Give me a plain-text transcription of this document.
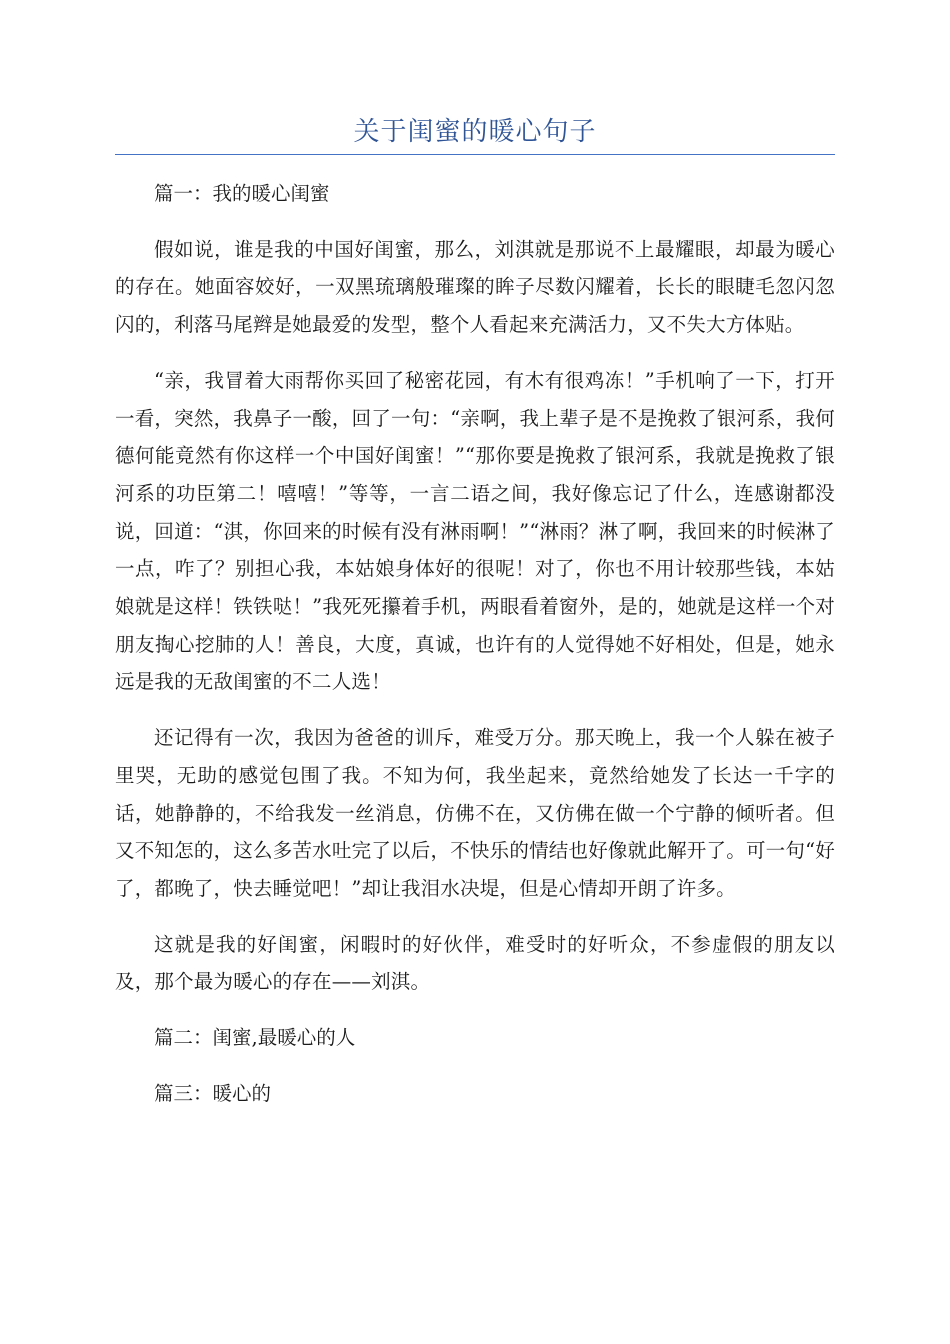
关于闺蜜的暖心句子

篇一：我的暖心闺蜜

假如说，谁是我的中国好闺蜜，那么，刘淇就是那说不上最耀眼，却最为暖心的存在。她面容姣好，一双黑琉璃般璀璨的眸子尽数闪耀着，长长的眼睫毛忽闪忽闪的，利落马尾辫是她最爱的发型，整个人看起来充满活力，又不失大方体贴。

“亲，我冒着大雨帮你买回了秘密花园，有木有很鸡冻！”手机响了一下，打开一看，突然，我鼻子一酸，回了一句：“亲啊，我上辈子是不是挽救了银河系，我何德何能竟然有你这样一个中国好闺蜜！”“那你要是挽救了银河系，我就是挽救了银河系的功臣第二！嘻嘻！”等等，一言二语之间，我好像忘记了什么，连感谢都没说，回道：“淇，你回来的时候有没有淋雨啊！”“淋雨？淋了啊，我回来的时候淋了一点，咋了？别担心我，本姑娘身体好的很呢！对了，你也不用计较那些钱，本姑娘就是这样！铁铁哒！”我死死攥着手机，两眼看着窗外，是的，她就是这样一个对朋友掏心挖肺的人！善良，大度，真诚，也许有的人觉得她不好相处，但是，她永远是我的无敌闺蜜的不二人选！

还记得有一次，我因为爸爸的训斥，难受万分。那天晚上，我一个人躲在被子里哭，无助的感觉包围了我。不知为何，我坐起来，竟然给她发了长达一千字的话，她静静的，不给我发一丝消息，仿佛不在，又仿佛在做一个宁静的倾听者。但又不知怎的，这么多苦水吐完了以后，不快乐的情结也好像就此解开了。可一句“好了，都晚了，快去睡觉吧！”却让我泪水决堤，但是心情却开朗了许多。

这就是我的好闺蜜，闲暇时的好伙伴，难受时的好听众，不参虚假的朋友以及，那个最为暖心的存在——刘淇。

篇二：闺蜜,最暖心的人

篇三：暖心的
